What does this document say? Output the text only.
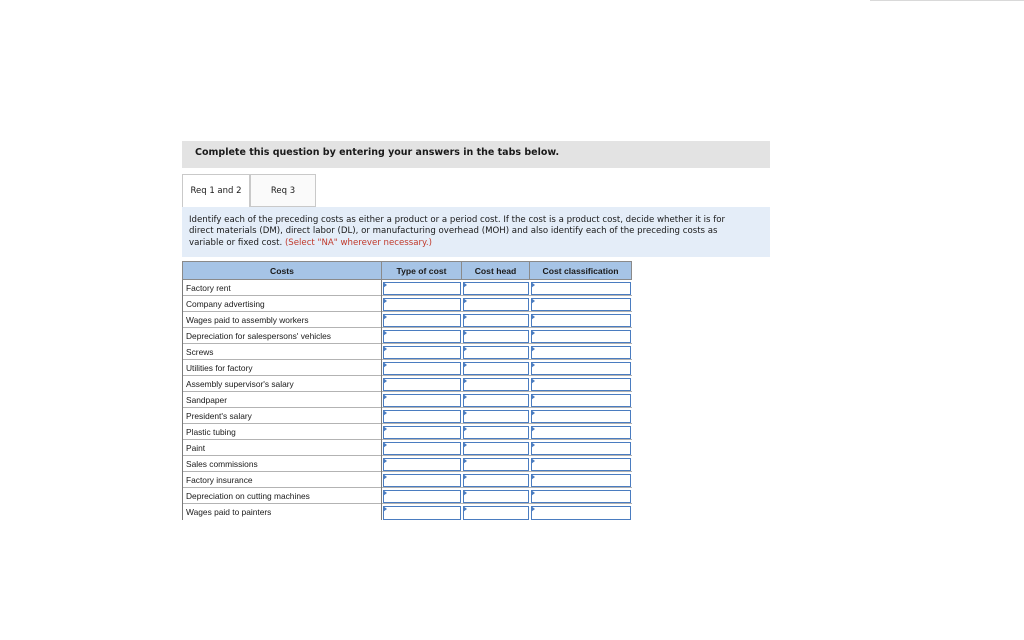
Complete this question by entering your answers in the tabs below.
Req 1 and 2	Req 3
Identify each of the preceding costs as either a product or a period cost. If the cost is a product cost, decide whether it is for
direct materials (DM), direct labor (DL), or manufacturing overhead (MOH) and also identify each of the preceding costs as
variable or fixed cost. (Select "NA" wherever necessary.)
Costs	Type of cost	Cost head	Cost classification
Factory rent	

Company advertising	

Wages paid to assembly workers	

Depreciation for salespersons' vehicles	

Screws	

Utilities for factory	

Assembly supervisor's salary	

Sandpaper	

President's salary	

Plastic tubing	

Paint	

Sales commissions	

Factory insurance	

Depreciation on cutting machines	

Wages paid to painters	
